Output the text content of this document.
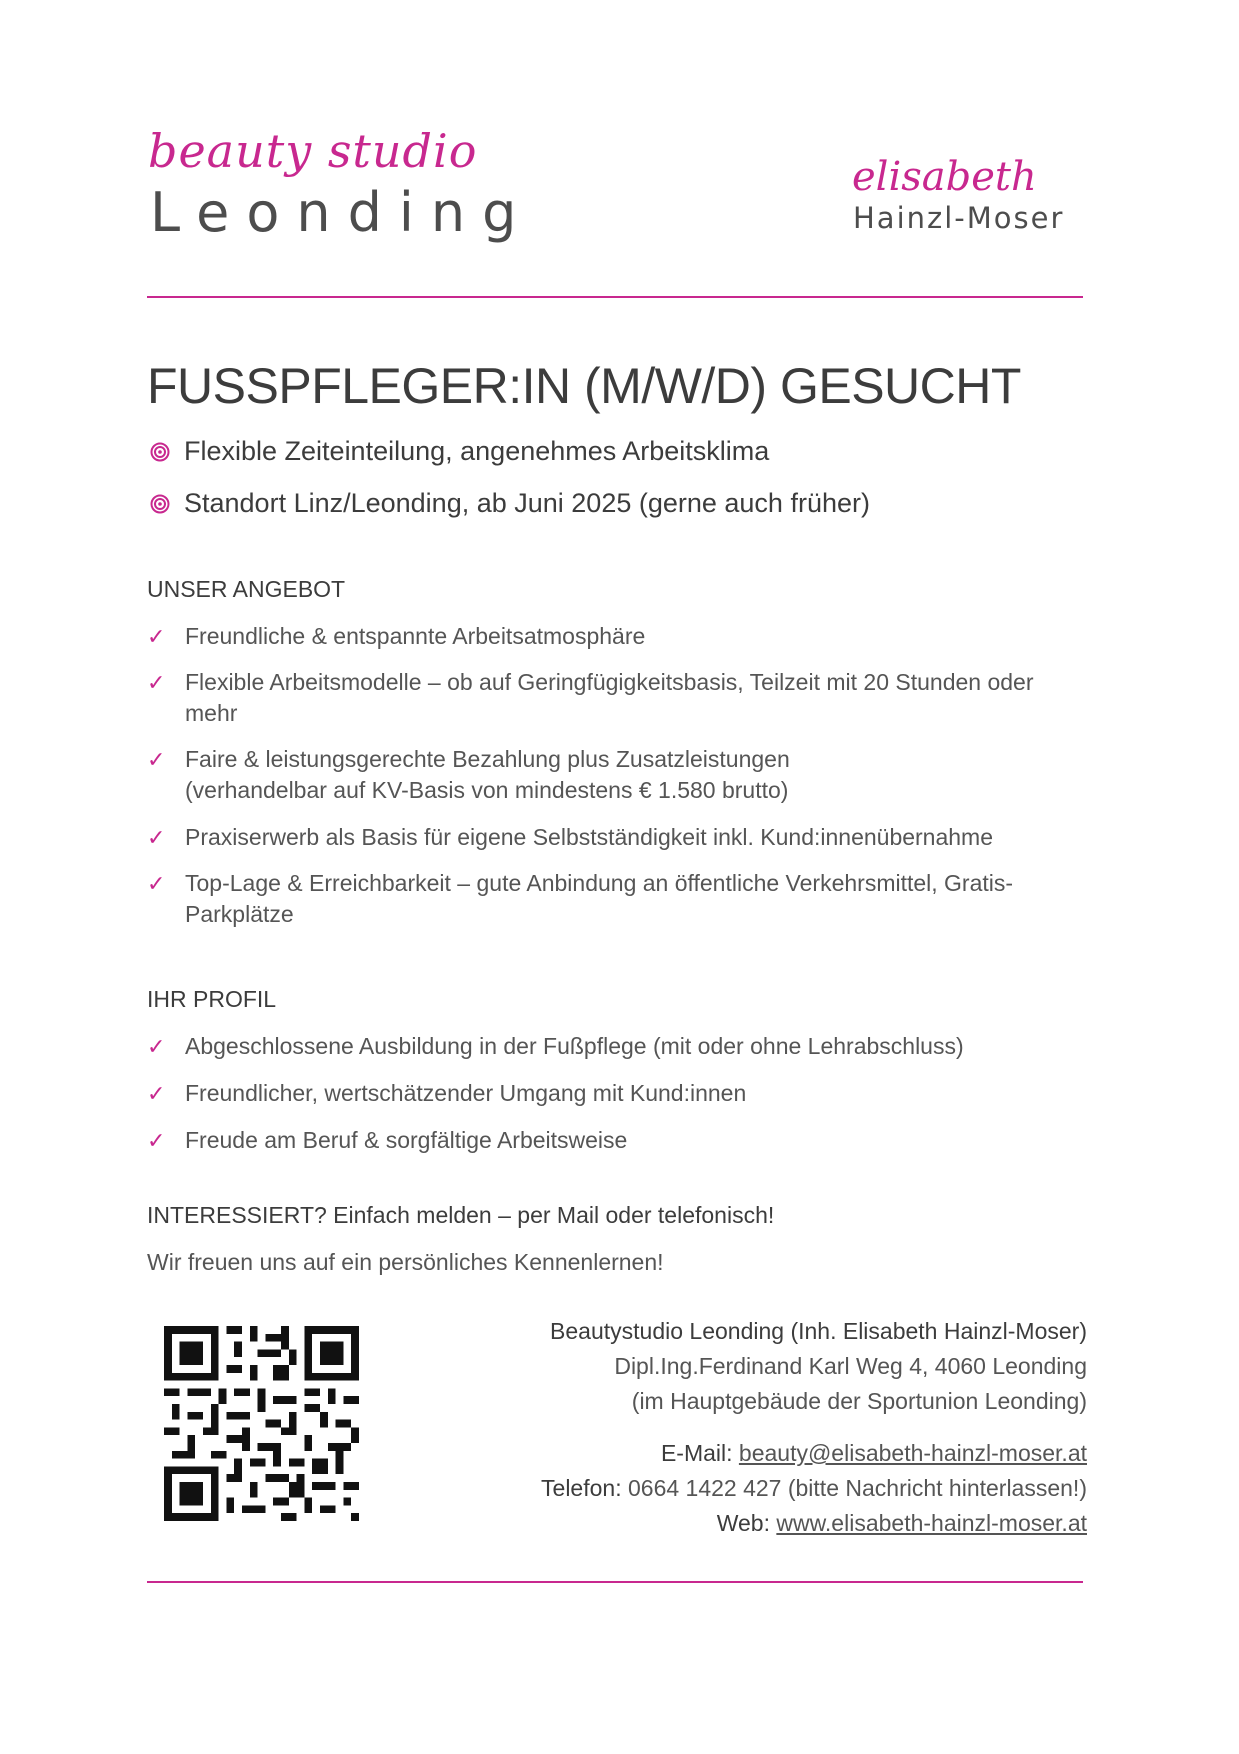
beauty studio
Leonding
elisabeth
Hainzl-Moser
FUSSPFLEGER:IN (M/W/D) GESUCHT
Flexible Zeiteinteilung, angenehmes Arbeitsklima
Standort Linz/Leonding, ab Juni 2025 (gerne auch früher)
UNSER ANGEBOT
✓ Freundliche & entspannte Arbeitsatmosphäre
✓ Flexible Arbeitsmodelle – ob auf Geringfügigkeitsbasis, Teilzeit mit 20 Stunden oder mehr
✓ Faire & leistungsgerechte Bezahlung plus Zusatzleistungen (verhandelbar auf KV-Basis von mindestens € 1.580 brutto)
✓ Praxiserwerb als Basis für eigene Selbstständigkeit inkl. Kund:innenübernahme
✓ Top-Lage & Erreichbarkeit – gute Anbindung an öffentliche Verkehrsmittel, Gratis-Parkplätze
IHR PROFIL
✓ Abgeschlossene Ausbildung in der Fußpflege (mit oder ohne Lehrabschluss)
✓ Freundlicher, wertschätzender Umgang mit Kund:innen
✓ Freude am Beruf & sorgfältige Arbeitsweise
INTERESSIERT? Einfach melden – per Mail oder telefonisch!
Wir freuen uns auf ein persönliches Kennenlernen!
Beautystudio Leonding (Inh. Elisabeth Hainzl-Moser)
Dipl.Ing.Ferdinand Karl Weg 4, 4060 Leonding
(im Hauptgebäude der Sportunion Leonding)
E-Mail: beauty@elisabeth-hainzl-moser.at
Telefon: 0664 1422 427 (bitte Nachricht hinterlassen!)
Web: www.elisabeth-hainzl-moser.at
